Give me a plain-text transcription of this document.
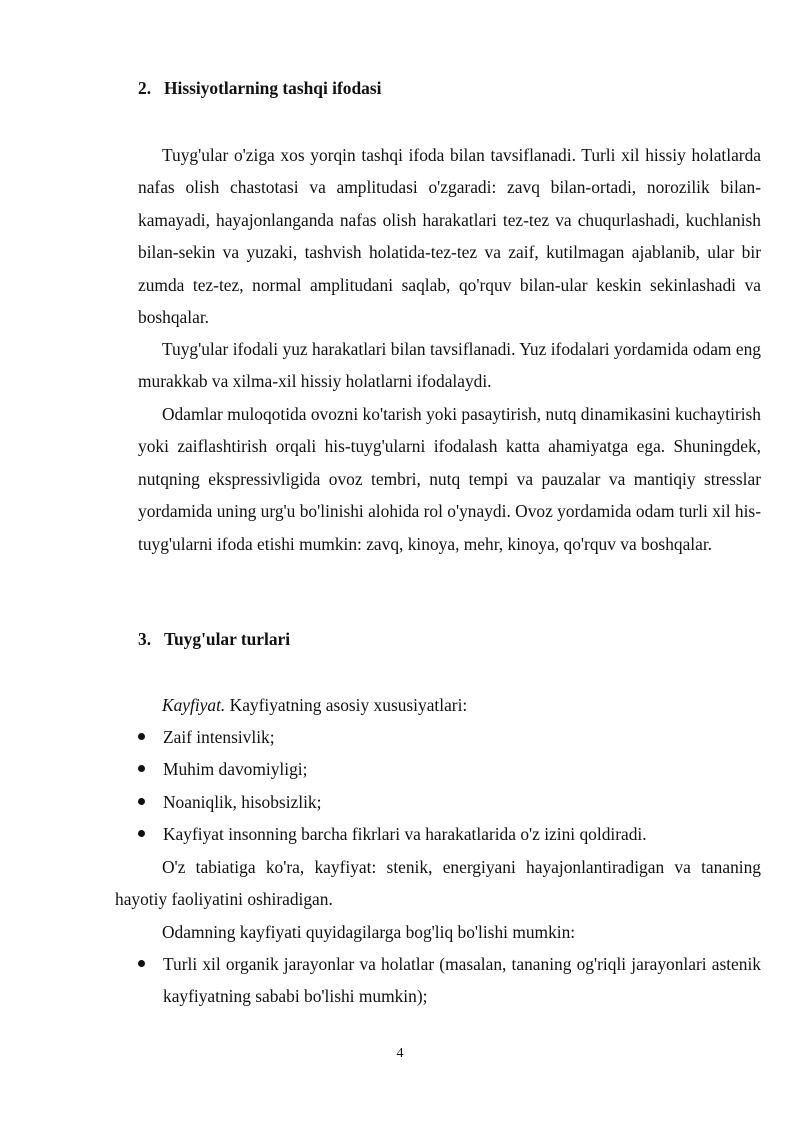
2. Hissiyotlarning tashqi ifodasi

Tuyg'ular o'ziga xos yorqin tashqi ifoda bilan tavsiflanadi. Turli xil hissiy holatlarda nafas olish chastotasi va amplitudasi o'zgaradi: zavq bilan-ortadi, norozilik bilan-kamayadi, hayajonlanganda nafas olish harakatlari tez-tez va chuqurlashadi, kuchlanish bilan-sekin va yuzaki, tashvish holatida-tez-tez va zaif, kutilmagan ajablanib, ular bir zumda tez-tez, normal amplitudani saqlab, qo'rquv bilan-ular keskin sekinlashadi va boshqalar.

Tuyg'ular ifodali yuz harakatlari bilan tavsiflanadi. Yuz ifodalari yordamida odam eng murakkab va xilma-xil hissiy holatlarni ifodalaydi.

Odamlar muloqotida ovozni ko'tarish yoki pasaytirish, nutq dinamikasini kuchaytirish yoki zaiflashtirish orqali his-tuyg'ularni ifodalash katta ahamiyatga ega. Shuningdek, nutqning ekspressivligida ovoz tembri, nutq tempi va pauzalar va mantiqiy stresslar yordamida uning urg'u bo'linishi alohida rol o'ynaydi. Ovoz yordamida odam turli xil his-tuyg'ularni ifoda etishi mumkin: zavq, kinoya, mehr, kinoya, qo'rquv va boshqalar.

3. Tuyg'ular turlari

Kayfiyat. Kayfiyatning asosiy xususiyatlari:

Zaif intensivlik;
Muhim davomiyligi;
Noaniqlik, hisobsizlik;
Kayfiyat insonning barcha fikrlari va harakatlarida o'z izini qoldiradi.

O'z tabiatiga ko'ra, kayfiyat: stenik, energiyani hayajonlantiradigan va tananing hayotiy faoliyatini oshiradigan.

Odamning kayfiyati quyidagilarga bog'liq bo'lishi mumkin:

Turli xil organik jarayonlar va holatlar (masalan, tananing og'riqli jarayonlari astenik kayfiyatning sababi bo'lishi mumkin);
4
